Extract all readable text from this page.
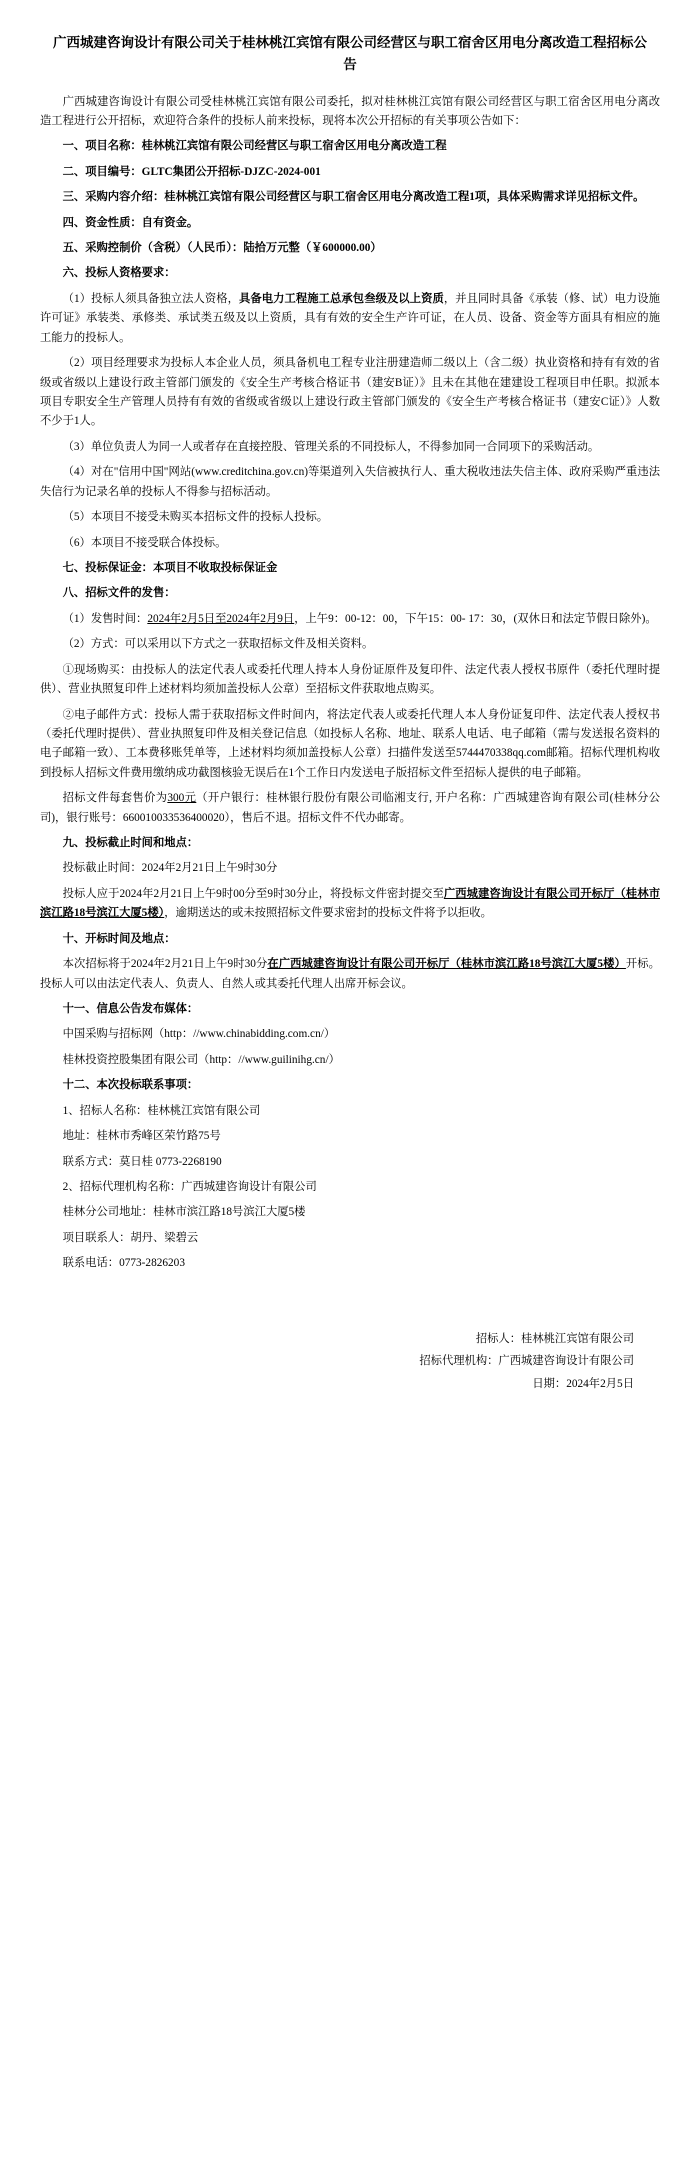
广西城建咨询设计有限公司关于桂林桃江宾馆有限公司经营区与职工宿舍区用电分离改造工程招标公告

广西城建咨询设计有限公司受桂林桃江宾馆有限公司委托，拟对桂林桃江宾馆有限公司经营区与职工宿舍区用电分离改造工程进行公开招标，欢迎符合条件的投标人前来投标，现将本次公开招标的有关事项公告如下：

一、项目名称：桂林桃江宾馆有限公司经营区与职工宿舍区用电分离改造工程

二、项目编号：GLTC集团公开招标-DJZC-2024-001

三、采购内容介绍：桂林桃江宾馆有限公司经营区与职工宿舍区用电分离改造工程1项，具体采购需求详见招标文件。

四、资金性质：自有资金。

五、采购控制价（含税）（人民币）：陆拾万元整（￥600000.00）

六、投标人资格要求：

（1）投标人须具备独立法人资格，具备电力工程施工总承包叁级及以上资质，并且同时具备《承装（修、试）电力设施许可证》承装类、承修类、承试类五级及以上资质，具有有效的安全生产许可证，在人员、设备、资金等方面具有相应的施工能力的投标人。

（2）项目经理要求为投标人本企业人员，须具备机电工程专业注册建造师二级以上（含二级）执业资格和持有有效的省级或省级以上建设行政主管部门颁发的《安全生产考核合格证书（建安B证）》且未在其他在建建设工程项目申任职。拟派本项目专职安全生产管理人员持有有效的省级或省级以上建设行政主管部门颁发的《安全生产考核合格证书（建安C证）》人数不少于1人。

（3）单位负责人为同一人或者存在直接控股、管理关系的不同投标人，不得参加同一合同项下的采购活动。

（4）对在"信用中国"网站(www.creditchina.gov.cn)等渠道列入失信被执行人、重大税收违法失信主体、政府采购严重违法失信行为记录名单的投标人不得参与招标活动。

（5）本项目不接受未购买本招标文件的投标人投标。

（6）本项目不接受联合体投标。

七、投标保证金：本项目不收取投标保证金

八、招标文件的发售：

（1）发售时间：2024年2月5日至2024年2月9日，上午9：00-12：00，下午15：00- 17：30，(双休日和法定节假日除外)。

（2）方式：可以采用以下方式之一获取招标文件及相关资料。

①现场购买：由投标人的法定代表人或委托代理人持本人身份证原件及复印件、法定代表人授权书原件（委托代理时提供）、营业执照复印件上述材料均须加盖投标人公章）至招标文件获取地点购买。

②电子邮件方式：投标人需于获取招标文件时间内，将法定代表人或委托代理人本人身份证复印件、法定代表人授权书（委托代理时提供）、营业执照复印件及相关登记信息（如投标人名称、地址、联系人电话、电子邮箱（需与发送报名资料的电子邮箱一致）、工本费移账凭单等，上述材料均须加盖投标人公章）扫描件发送至5744470338qq.com邮箱。招标代理机构收到投标人招标文件费用缴纳成功截图核验无误后在1个工作日内发送电子版招标文件至招标人提供的电子邮箱。

招标文件每套售价为300元（开户银行：桂林银行股份有限公司临湘支行, 开户名称：广西城建咨询有限公司(桂林分公司)，银行账号：660010033536400020），售后不退。招标文件不代办邮寄。

九、投标截止时间和地点：

投标截止时间：2024年2月21日上午9时30分

投标人应于2024年2月21日上午9时00分至9时30分止，将投标文件密封提交至广西城建咨询设计有限公司开标厅（桂林市滨江路18号滨江大厦5楼），逾期送达的或未按照招标文件要求密封的投标文件将予以拒收。

十、开标时间及地点：

本次招标将于2024年2月21日上午9时30分在广西城建咨询设计有限公司开标厅（桂林市滨江路18号滨江大厦5楼）开标。投标人可以由法定代表人、负责人、自然人或其委托代理人出席开标会议。

十一、信息公告发布媒体：

中国采购与招标网（http：//www.chinabidding.com.cn/）

桂林投资控股集团有限公司（http：//www.guilinihg.cn/）

十二、本次投标联系事项：

1、招标人名称：桂林桃江宾馆有限公司

地址：桂林市秀峰区荣竹路75号

联系方式：莫日桂 0773-2268190

2、招标代理机构名称：广西城建咨询设计有限公司

桂林分公司地址：桂林市滨江路18号滨江大厦5楼

项目联系人：胡丹、梁碧云

联系电话：0773-2826203

招标人：桂林桃江宾馆有限公司
招标代理机构：广西城建咨询设计有限公司
日期：2024年2月5日
